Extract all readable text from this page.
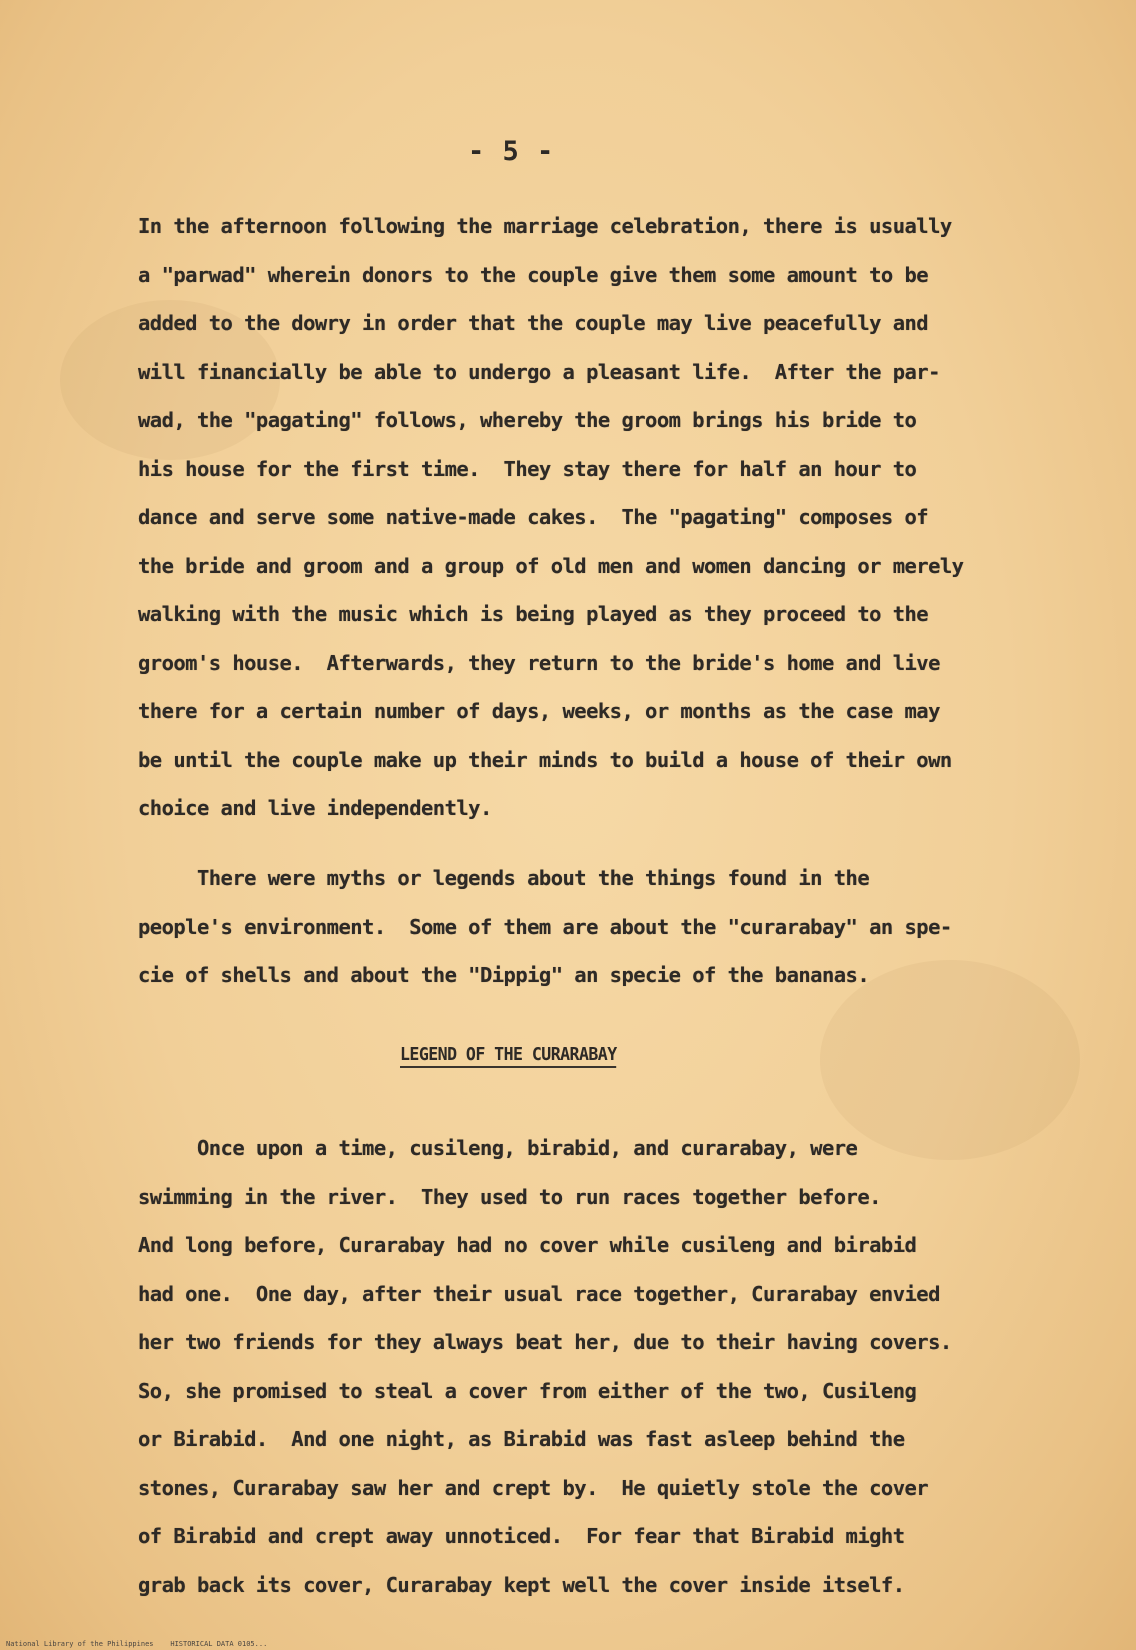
- 5 -
In the afternoon following the marriage celebration, there is usually
a "parwad" wherein donors to the couple give them some amount to be
added to the dowry in order that the couple may live peacefully and
will financially be able to undergo a pleasant life.  After the par-
wad, the "pagating" follows, whereby the groom brings his bride to
his house for the first time.  They stay there for half an hour to
dance and serve some native-made cakes.  The "pagating" composes of
the bride and groom and a group of old men and women dancing or merely
walking with the music which is being played as they proceed to the
groom's house.  Afterwards, they return to the bride's home and live
there for a certain number of days, weeks, or months as the case may
be until the couple make up their minds to build a house of their own
choice and live independently.
There were myths or legends about the things found in the
people's environment.  Some of them are about the "curarabay" an spe-
cie of shells and about the "Dippig" an specie of the bananas.
LEGEND OF THE CURARABAY
Once upon a time, cusileng, birabid, and curarabay, were
swimming in the river.  They used to run races together before.
And long before, Curarabay had no cover while cusileng and birabid
had one.  One day, after their usual race together, Curarabay envied
her two friends for they always beat her, due to their having covers.
So, she promised to steal a cover from either of the two, Cusileng
or Birabid.  And one night, as Birabid was fast asleep behind the
stones, Curarabay saw her and crept by.  He quietly stole the cover
of Birabid and crept away unnoticed.  For fear that Birabid might
grab back its cover, Curarabay kept well the cover inside itself.
National Library of the Philippines    HISTORICAL DATA 0105...
